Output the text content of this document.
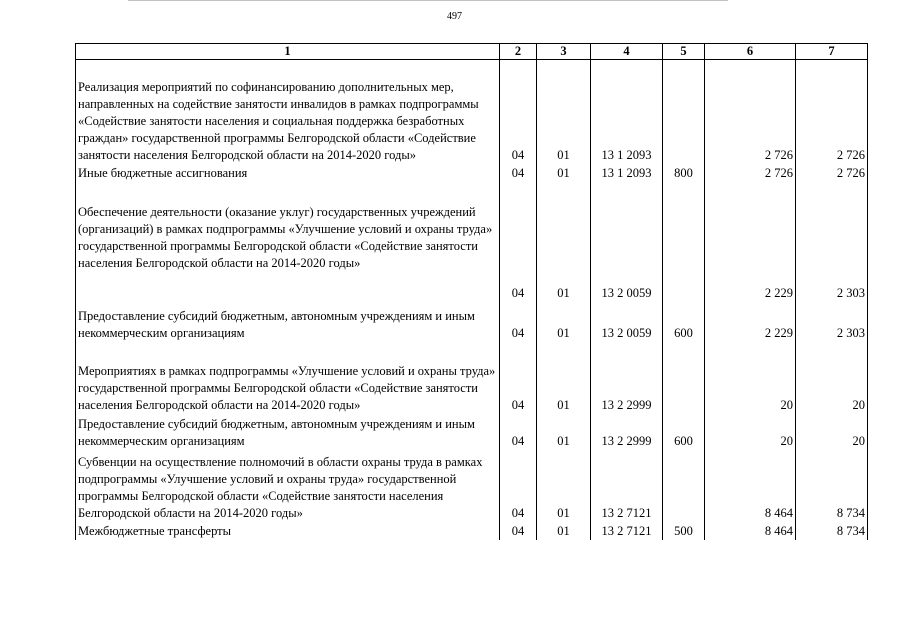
497
1	2	3	4	5	6	7
Реализация мероприятий по софинансированию дополнительных мер, направленных на содействие занятости инвалидов в рамках подпрограммы «Содействие занятости населения и социальная поддержка безработных граждан» государственной программы Белгородской области «Содействие занятости населения Белгородской области на 2014-2020 годы»	04	01	13 1 2093		2 726	2 726
Иные бюджетные ассигнования	04	01	13 1 2093	800	2 726	2 726
Обеспечение деятельности (оказание уклуг) государственных учреждений (организаций) в рамках подпрограммы «Улучшение условий и охраны труда» государственной программы Белгородской области «Содействие занятости населения Белгородской области на 2014-2020 годы»	04	01	13 2 0059		2 229	2 303
Предоставление субсидий бюджетным, автономным учреждениям и иным некоммерческим организациям	04	01	13 2 0059	600	2 229	2 303
Мероприятиях в рамках подпрограммы «Улучшение условий и охраны труда» государственной программы Белгородской области «Содействие занятости населения Белгородской области на 2014-2020 годы»	04	01	13 2 2999		20	20
Предоставление субсидий бюджетным, автономным учреждениям и иным некоммерческим организациям	04	01	13 2 2999	600	20	20
Субвенции на осуществление полномочий в области охраны труда в рамках подпрограммы «Улучшение условий и охраны труда» государственной программы Белгородской области «Содействие занятости населения Белгородской области на 2014-2020 годы»	04	01	13 2 7121		8 464	8 734
Межбюджетные трансферты	04	01	13 2 7121	500	8 464	8 734
